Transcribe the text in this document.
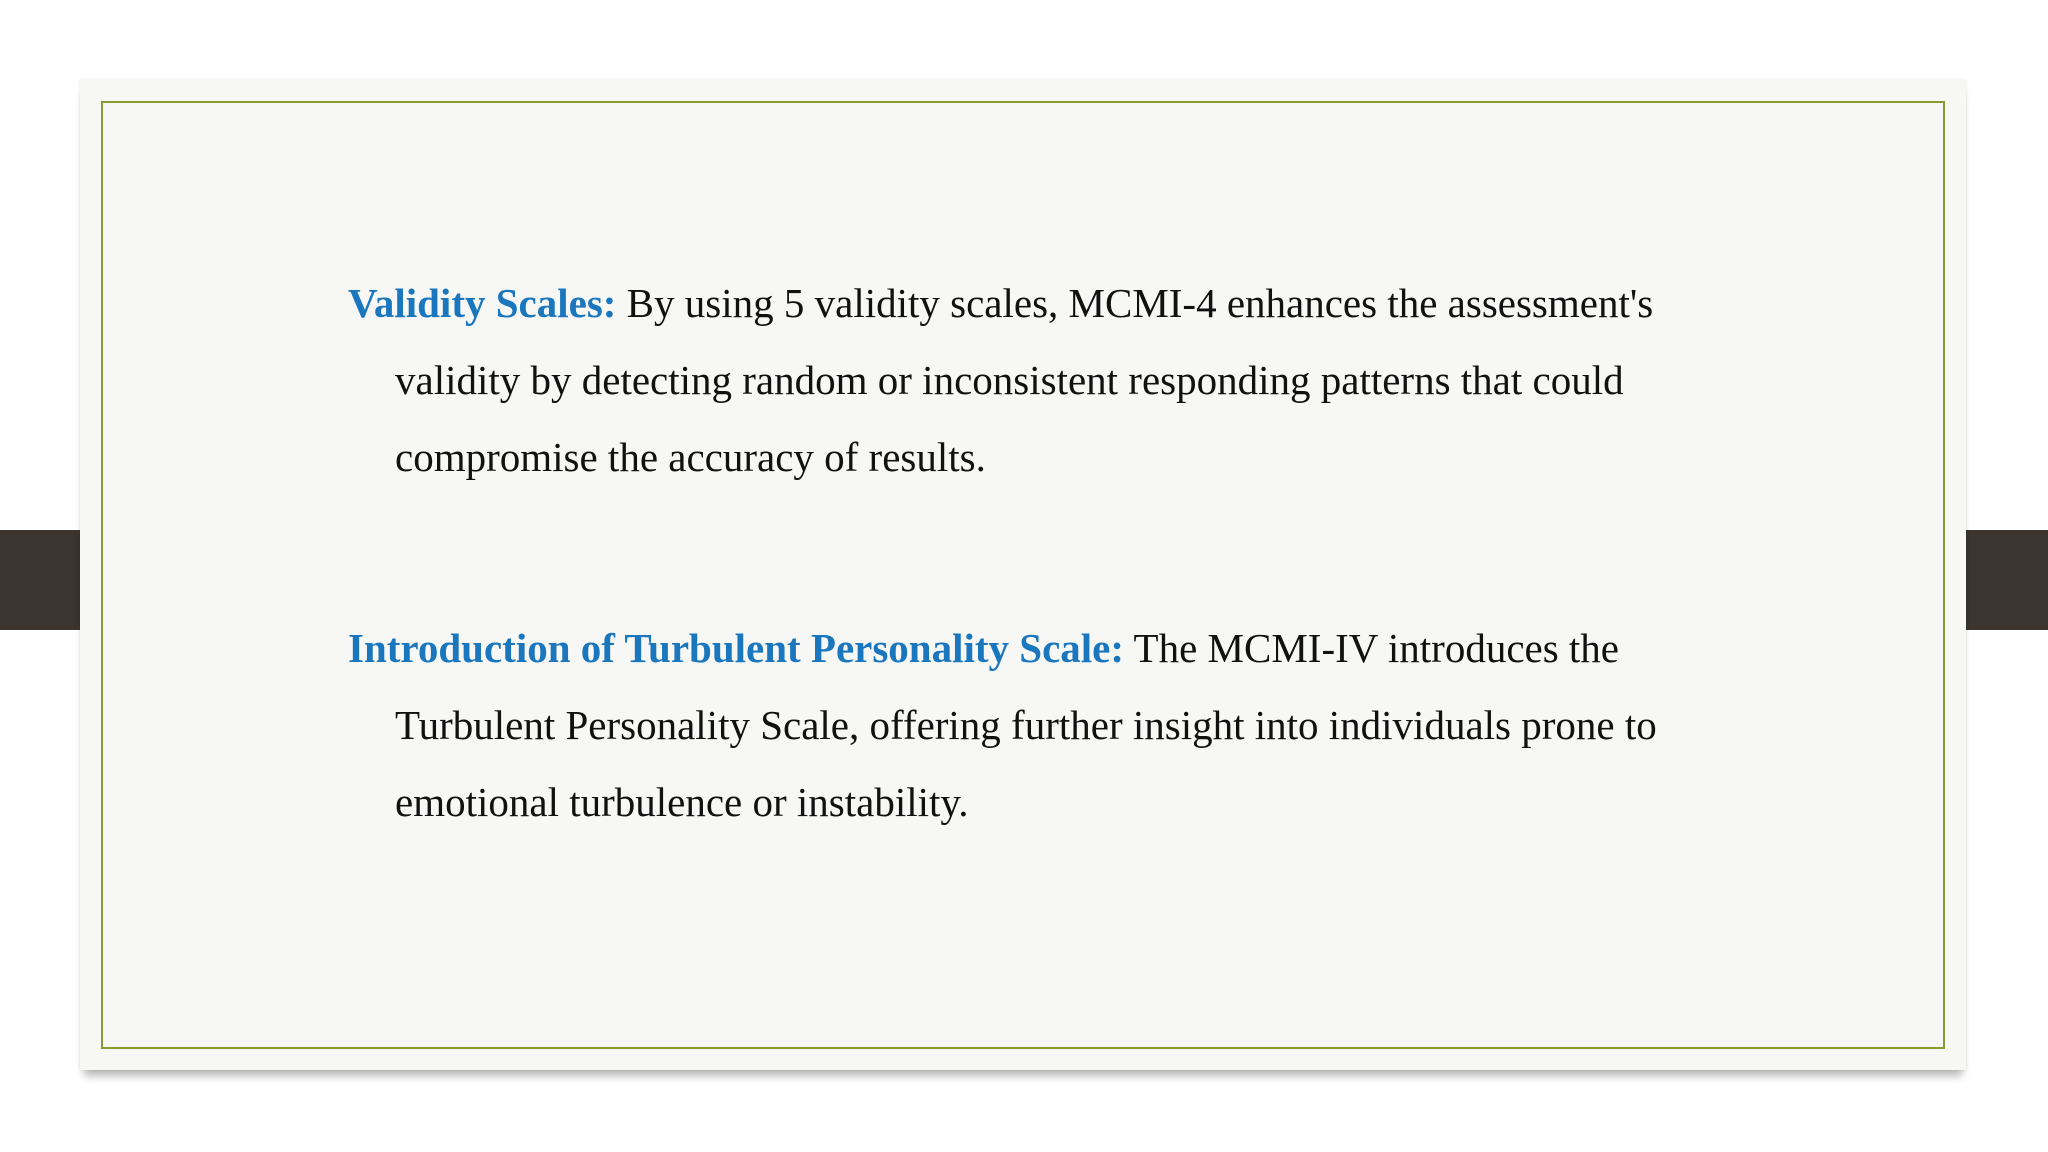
Validity Scales: By using 5 validity scales, MCMI-4 enhances the assessment's validity by detecting random or inconsistent responding patterns that could compromise the accuracy of results.

Introduction of Turbulent Personality Scale: The MCMI-IV introduces the Turbulent Personality Scale, offering further insight into individuals prone to emotional turbulence or instability.
